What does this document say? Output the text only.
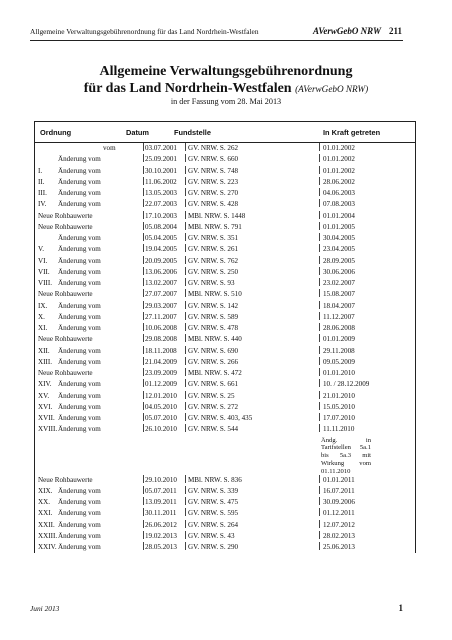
Allgemeine Verwaltungsgebührenordnung für das Land Nordrhein-Westfalen	AVerwGebO NRW 211
Allgemeine Verwaltungsgebührenordnung
für das Land Nordrhein-Westfalen (AVerwGebO NRW)
in der Fassung vom 28. Mai 2013
Ordnung	Datum	Fundstelle	In Kraft getreten
vom	03.07.2001 GV. NRW. S. 262	01.01.2002
Änderung vom	25.09.2001 GV. NRW. S. 660	01.01.2002
I. Änderung vom	30.10.2001 GV. NRW. S. 748	01.01.2002
II. Änderung vom	11.06.2002 GV. NRW. S. 223	28.06.2002
III. Änderung vom	13.05.2003 GV. NRW. S. 270	04.06.2003
IV. Änderung vom	22.07.2003 GV. NRW. S. 428	07.08.2003
Neue Rohbauwerte	17.10.2003 MBl. NRW. S. 1448	01.01.2004
Neue Rohbauwerte	05.08.2004 MBl. NRW. S. 791	01.01.2005
Änderung vom	05.04.2005 GV. NRW. S. 351	30.04.2005
V. Änderung vom	19.04.2005 GV. NRW. S. 261	23.04.2005
VI. Änderung vom	20.09.2005 GV. NRW. S. 762	28.09.2005
VII. Änderung vom	13.06.2006 GV. NRW. S. 250	30.06.2006
VIII. Änderung vom	13.02.2007 GV. NRW. S. 93	23.02.2007
Neue Rohbauwerte	27.07.2007 MBl. NRW. S. 510	15.08.2007
IX. Änderung vom	29.03.2007 GV. NRW. S. 142	18.04.2007
X. Änderung vom	27.11.2007 GV. NRW. S. 589	11.12.2007
XI. Änderung vom	10.06.2008 GV. NRW. S. 478	28.06.2008
Neue Rohbauwerte	29.08.2008 MBl. NRW. S. 440	01.01.2009
XII. Änderung vom	18.11.2008 GV. NRW. S. 690	29.11.2008
XIII. Änderung vom	21.04.2009 GV. NRW. S. 266	09.05.2009
Neue Rohbauwerte	23.09.2009 MBl. NRW. S. 472	01.01.2010
XIV. Änderung vom	01.12.2009 GV. NRW. S. 661	10. / 28.12.2009
XV. Änderung vom	12.01.2010 GV. NRW. S. 25	21.01.2010
XVI. Änderung vom	04.05.2010 GV. NRW. S. 272	15.05.2010
XVII. Änderung vom	05.07.2010 GV. NRW. S. 403, 435	17.07.2010
XVIII. Änderung vom	26.10.2010 GV. NRW. S. 544	11.11.2010
Ändg. in Tarifstellen 5a.1 bis 5a.3 mit Wirkung vom 01.11.2010
Neue Rohbauwerte	29.10.2010 MBl. NRW. S. 836	01.01.2011
XIX. Änderung vom	05.07.2011 GV. NRW. S. 339	16.07.2011
XX. Änderung vom	13.09.2011 GV. NRW. S. 475	30.09.2006
XXI. Änderung vom	30.11.2011 GV. NRW. S. 595	01.12.2011
XXII. Änderung vom	26.06.2012 GV. NRW. S. 264	12.07.2012
XXIII. Änderung vom	19.02.2013 GV. NRW. S. 43	28.02.2013
XXIV. Änderung vom	28.05.2013 GV. NRW. S. 290	25.06.2013
Juni 2013	1
